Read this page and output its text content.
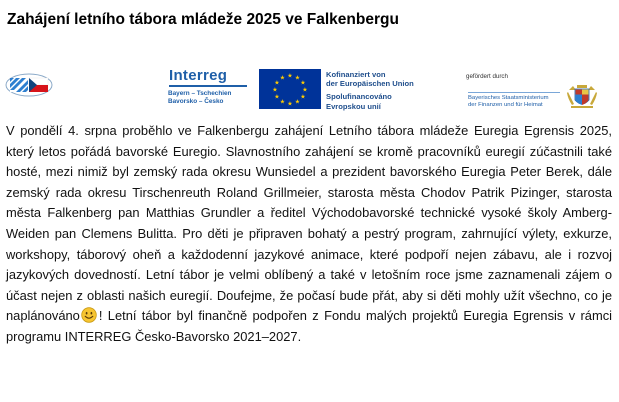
Zahájení letního tábora mládeže 2025 ve Falkenbergu
Interreg
Bayern – Tschechien
Bavorsko – Česko
★ ★
★
★
★
★
★
★
★
★
★
★	Kofinanziert von
der Europäischen Union
Spolufinancováno
Evropskou unií
gefördert durch
Bayerisches Staatsministerium
der Finanzen und für Heimat
V pondělí 4. srpna proběhlo ve Falkenbergu zahájení Letního tábora mládeže Euregia Egrensis 2025, který letos pořádá bavorské Euregio. Slavnostního zahájení se kromě pracovníků euregií zúčastnili také hosté, mezi nimiž byl zemský rada okresu Wunsiedel a prezident bavorského Euregia Peter Berek, dále zemský rada okresu Tirschenreuth Roland Grillmeier, starosta města Chodov Patrik Pizinger, starosta města Falkenberg pan Matthias Grundler a ředitel Východobavorské technické vysoké školy Amberg-Weiden pan Clemens Bulitta. Pro děti je připraven bohatý a pestrý program, zahrnující výlety, exkurze, workshopy, táborový oheň a každodenní jazykové animace, které podpoří nejen zábavu, ale i rozvoj jazykových dovedností. Letní tábor je velmi oblíbený a také v letošním roce jsme zaznamenali zájem o účast nejen z oblasti našich euregií. Doufejme, že počasí bude přát, aby si děti mohly užít všechno, co je naplánováno ! Letní tábor byl finančně podpořen z Fondu malých projektů Euregia Egrensis v rámci programu INTERREG Česko-Bavorsko 2021–2027.
